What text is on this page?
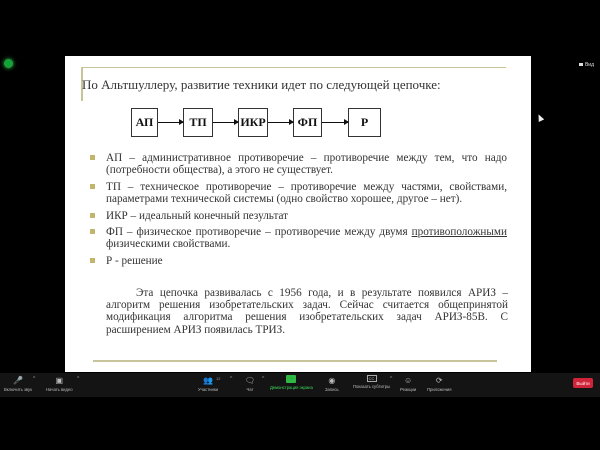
Вид
По Альтшуллеру, развитие техники идет по следующей цепочке:
АП	ТП	ИКР	ФП	Р
АП – административное противоречие – противоречие между тем, что надо (потребности общества), а этого не существует.
ТП – техническое противоречие – противоречие между частями, свойствами, параметрами технической системы (одно свойство хорошее, другое – нет).
ИКР – идеальный конечный пезультат
ФП – физическое противоречие – противоречие между двумя противоположными физическими свойствами.
Р - решение

Эта цепочка развивалась с 1956 года, и в результате появился АРИЗ – алгоритм решения изобретательских задач. Сейчас считается общепринятой модификация алгоритма решения изобретательских задач АРИЗ-85В. С расширением АРИЗ появилась ТРИЗ.

🎤
Включить звук
^	▣
Начать видео
^	👥
Участники
12 ^ 🗨
Чат
^	↑
Демонстрация экрана
◉
Запись
CC
Показать субтитры
^ ☺
Реакции
⟳
Приложения
Выйти
